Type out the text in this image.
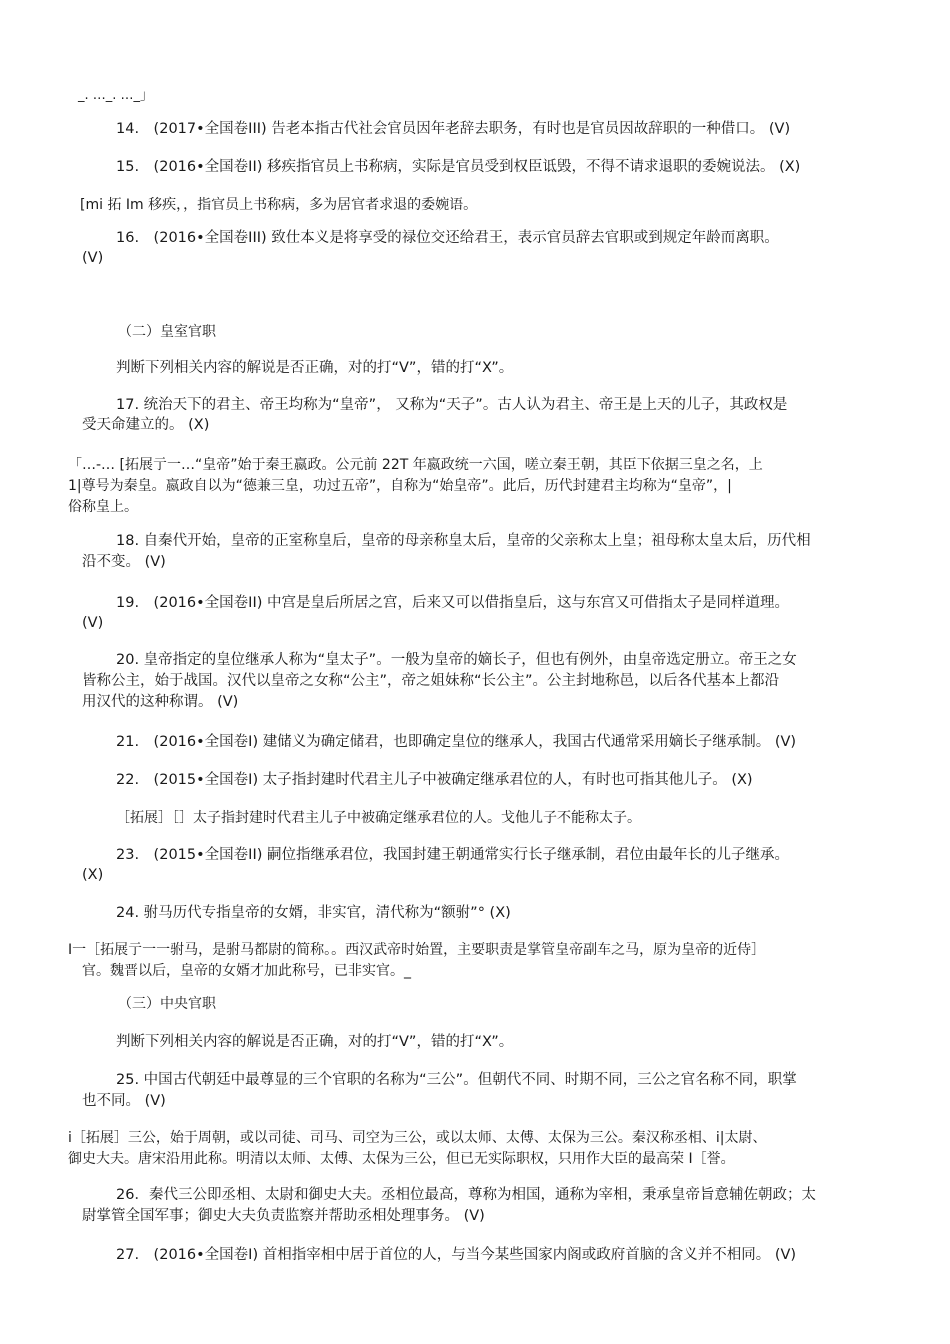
_. …_. …_」
14.　(2017•全国卷III) 告老本指古代社会官员因年老辞去职务，有时也是官员因故辞职的一种借口。 (V)
15.　(2016•全国卷II) 移疾指官员上书称病，实际是官员受到权臣诋毁，不得不请求退职的委婉说法。 (X)
[mi 拓 Im 移疾，，指官员上书称病，多为居官者求退的委婉语。
16.　(2016•全国卷III) 致仕本义是将享受的禄位交还给君王，表示官员辞去官职或到规定年龄而离职。
(V)
（二）皇室官职
判断下列相关内容的解说是否正确，对的打“V”，错的打“X”。
17. 统治天下的君主、帝王均称为“皇帝”， 又称为“天子”。古人认为君主、帝王是上天的儿子，其政权是
受天命建立的。 (X)
「…-… [拓展亍一…“皇帝”始于秦王嬴政。公元前 22T 年嬴政统一六国，嗟立秦王朝，其臣下依据三皇之名，上
1|尊号为秦皇。嬴政自以为“德兼三皇，功过五帝”，自称为“始皇帝”。此后，历代封建君主均称为“皇帝”，|
俗称皇上。
18. 自秦代开始，皇帝的正室称皇后，皇帝的母亲称皇太后，皇帝的父亲称太上皇；祖母称太皇太后，历代相
沿不变。 (V)
19.　(2016•全国卷II) 中宫是皇后所居之宫，后来又可以借指皇后，这与东宫又可借指太子是同样道理。
(V)
20. 皇帝指定的皇位继承人称为“皇太子”。一般为皇帝的嫡长子，但也有例外，由皇帝选定册立。帝王之女
皆称公主，始于战国。汉代以皇帝之女称“公主”，帝之姐妹称“长公主”。公主封地称邑，以后各代基本上都沿
用汉代的这种称谓。 (V)
21.　(2016•全国卷I) 建储义为确定储君，也即确定皇位的继承人，我国古代通常采用嫡长子继承制。 (V)
22.　(2015•全国卷I) 太子指封建时代君主儿子中被确定继承君位的人，有时也可指其他儿子。 (X)
［拓展］［］太子指封建时代君主儿子中被确定继承君位的人。戈他儿子不能称太子。
23.　(2015•全国卷II) 嗣位指继承君位，我国封建王朝通常实行长子继承制，君位由最年长的儿子继承。
(X)
24. 驸马历代专指皇帝的女婿，非实官，清代称为“额驸”° (X)
I一［拓展亍一一驸马，是驸马都尉的简称。。西汉武帝时始置，主要职责是掌管皇帝副车之马，原为皇帝的近侍］
官。魏晋以后，皇帝的女婿才加此称号，已非实官。_
（三）中央官职
判断下列相关内容的解说是否正确，对的打“V”，错的打“X”。
25. 中国古代朝廷中最尊显的三个官职的名称为“三公”。但朝代不同、时期不同，三公之官名称不同，职掌
也不同。 (V)
i［拓展］三公，始于周朝，或以司徒、司马、司空为三公，或以太师、太傅、太保为三公。秦汉称丞相、i|太尉、
御史大夫。唐宋沿用此称。明清以太师、太傅、太保为三公，但已无实际职权，只用作大臣的最高荣 I［誉。
26．秦代三公即丞相、太尉和御史大夫。丞相位最高，尊称为相国，通称为宰相，秉承皇帝旨意辅佐朝政；太
尉掌管全国军事；御史大夫负责监察并帮助丞相处理事务。 (V)
27.　(2016•全国卷I) 首相指宰相中居于首位的人，与当今某些国家内阁或政府首脑的含义并不相同。 (V)
